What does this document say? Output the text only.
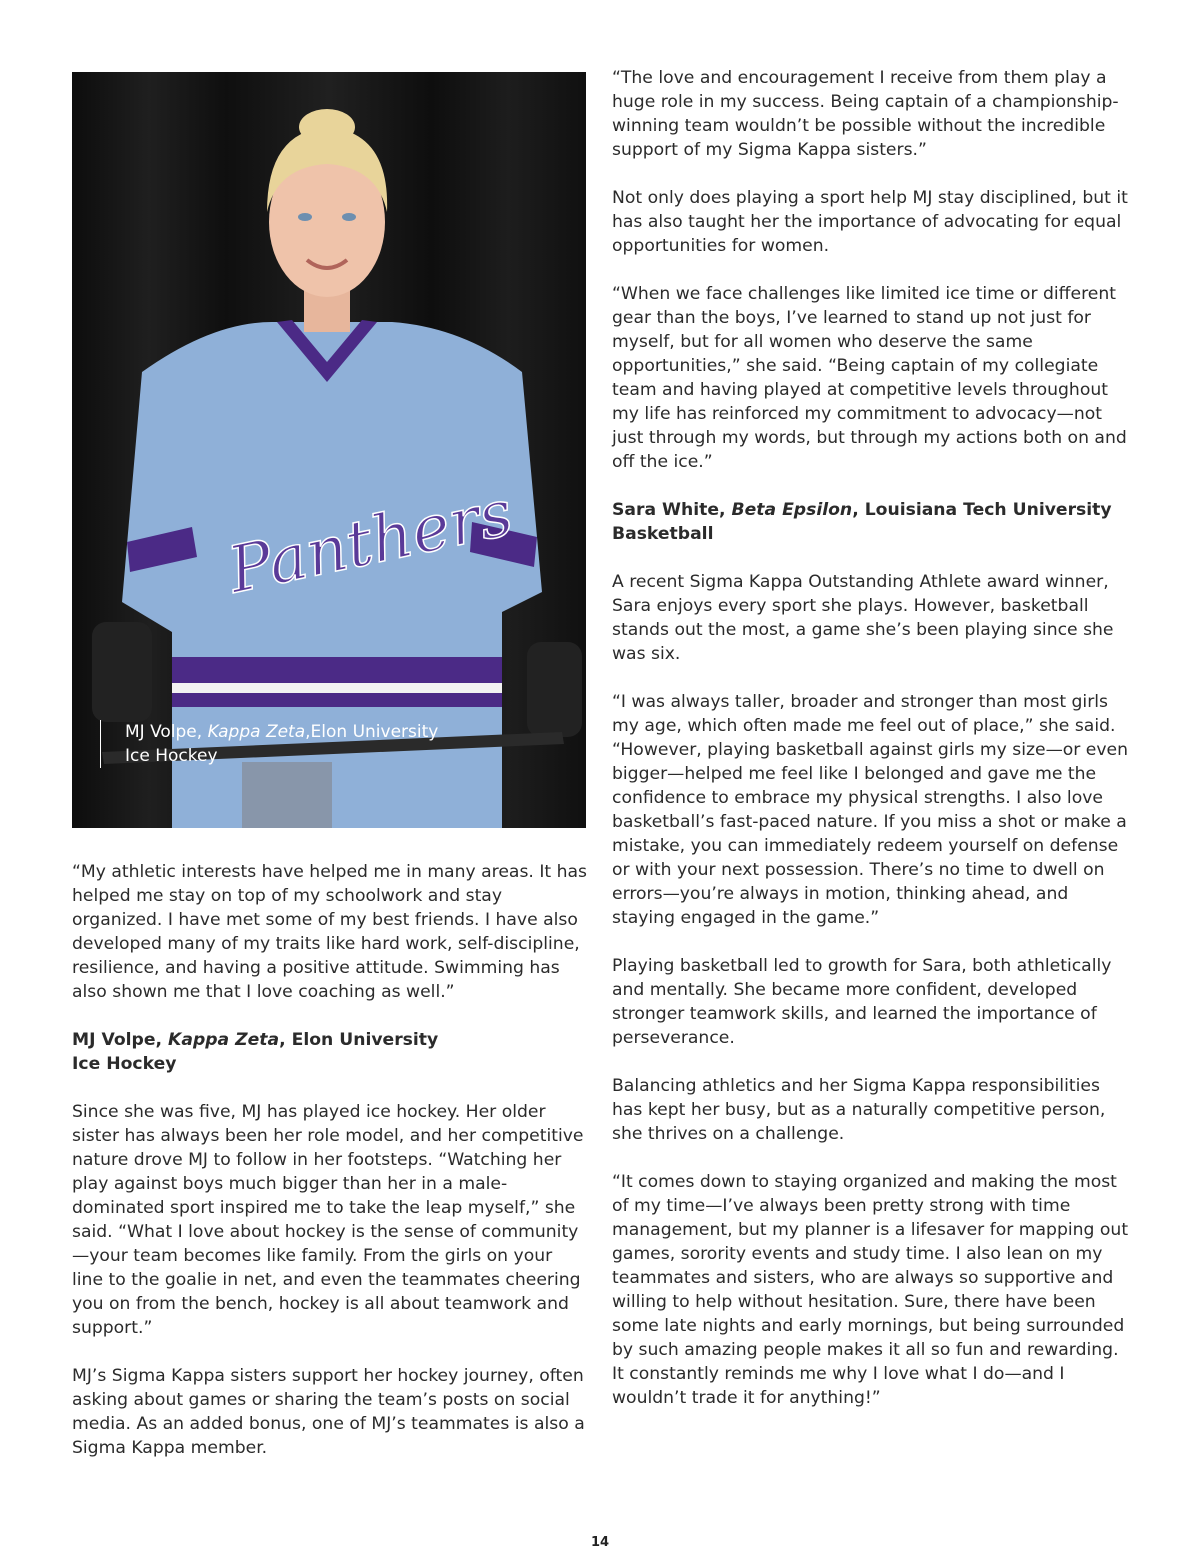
Panthers
MJ Volpe, Kappa Zeta,Elon University
Ice Hockey

“My athletic interests have helped me in many areas. It has helped me stay on top of my schoolwork and stay organized. I have met some of my best friends. I have also developed many of my traits like hard work, self-discipline, resilience, and having a positive attitude. Swimming has also shown me that I love coaching as well.”

MJ Volpe, Kappa Zeta, Elon University
Ice Hockey

Since she was five, MJ has played ice hockey. Her older sister has always been her role model, and her competitive nature drove MJ to follow in her footsteps. “Watching her play against boys much bigger than her in a male-dominated sport inspired me to take the leap myself,” she said. “What I love about hockey is the sense of community—your team becomes like family. From the girls on your line to the goalie in net, and even the teammates cheering you on from the bench, hockey is all about teamwork and support.”

MJ’s Sigma Kappa sisters support her hockey journey, often asking about games or sharing the team’s posts on social media. As an added bonus, one of MJ’s teammates is also a Sigma Kappa member.

“The love and encouragement I receive from them play a huge role in my success. Being captain of a championship-winning team wouldn’t be possible without the incredible support of my Sigma Kappa sisters.”

Not only does playing a sport help MJ stay disciplined, but it has also taught her the importance of advocating for equal opportunities for women.

“When we face challenges like limited ice time or different gear than the boys, I’ve learned to stand up not just for myself, but for all women who deserve the same opportunities,” she said. “Being captain of my collegiate team and having played at competitive levels throughout my life has reinforced my commitment to advocacy—not just through my words, but through my actions both on and off the ice.”

Sara White, Beta Epsilon, Louisiana Tech University
Basketball

A recent Sigma Kappa Outstanding Athlete award winner, Sara enjoys every sport she plays. However, basketball stands out the most, a game she’s been playing since she was six.

“I was always taller, broader and stronger than most girls my age, which often made me feel out of place,” she said. “However, playing basketball against girls my size—or even bigger—helped me feel like I belonged and gave me the confidence to embrace my physical strengths. I also love basketball’s fast-paced nature. If you miss a shot or make a mistake, you can immediately redeem yourself on defense or with your next possession. There’s no time to dwell on errors—you’re always in motion, thinking ahead, and staying engaged in the game.”

Playing basketball led to growth for Sara, both athletically and mentally. She became more confident, developed stronger teamwork skills, and learned the importance of perseverance.

Balancing athletics and her Sigma Kappa responsibilities has kept her busy, but as a naturally competitive person, she thrives on a challenge.

“It comes down to staying organized and making the most of my time—I’ve always been pretty strong with time management, but my planner is a lifesaver for mapping out games, sorority events and study time. I also lean on my teammates and sisters, who are always so supportive and willing to help without hesitation. Sure, there have been some late nights and early mornings, but being surrounded by such amazing people makes it all so fun and rewarding. It constantly reminds me why I love what I do—and I wouldn’t trade it for anything!”

14
